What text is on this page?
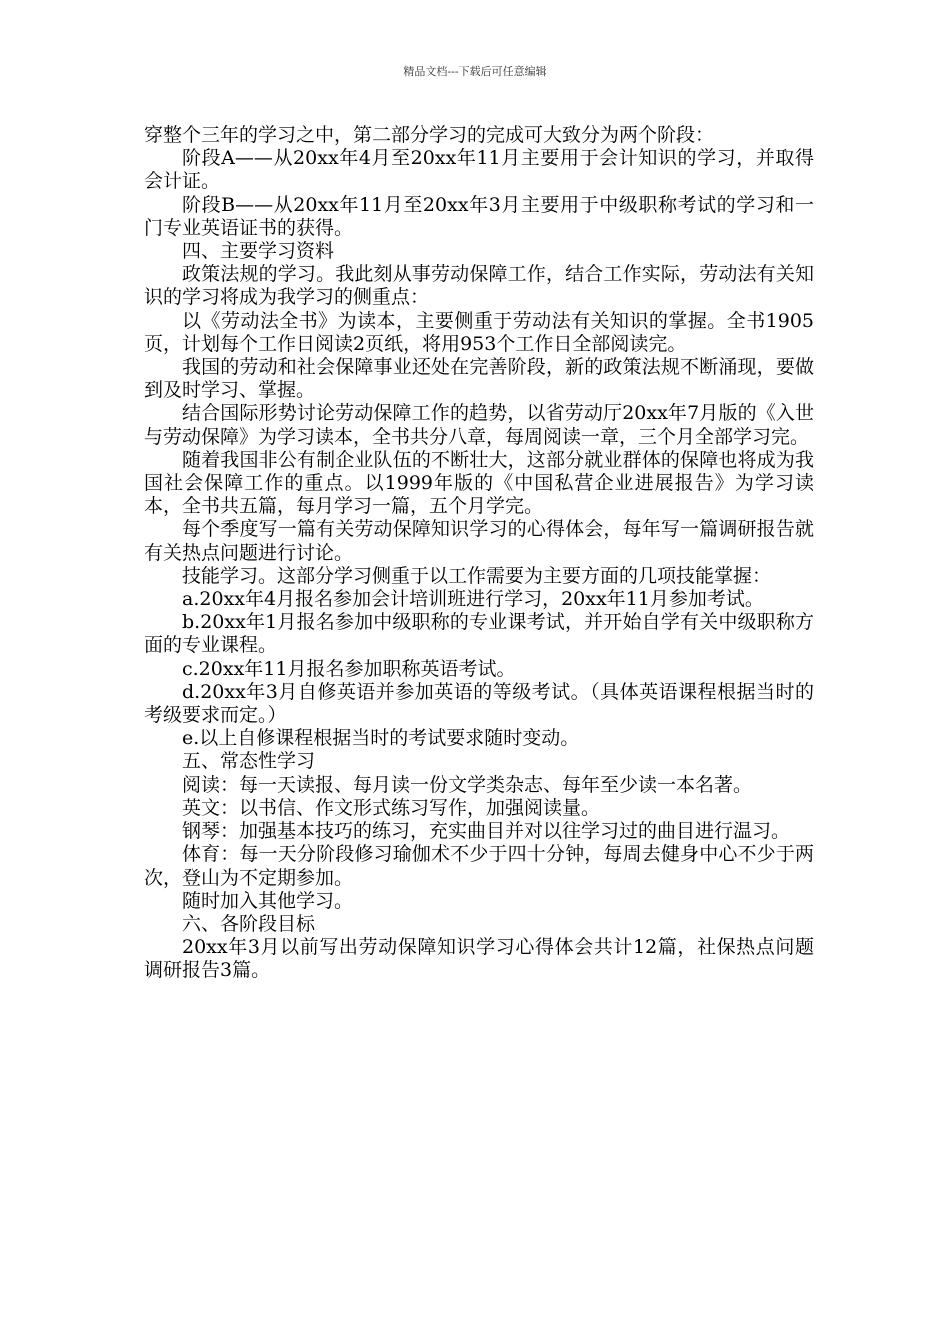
精品文档---下载后可任意编辑

穿整个三年的学习之中，第二部分学习的完成可大致分为两个阶段：

阶段A——从20xx年4月至20xx年11月主要用于会计知识的学习，并取得会计证。

阶段B——从20xx年11月至20xx年3月主要用于中级职称考试的学习和一门专业英语证书的获得。

四、主要学习资料

政策法规的学习。我此刻从事劳动保障工作，结合工作实际，劳动法有关知识的学习将成为我学习的侧重点：

以《劳动法全书》为读本，主要侧重于劳动法有关知识的掌握。全书1905页，计划每个工作日阅读2页纸，将用953个工作日全部阅读完。

我国的劳动和社会保障事业还处在完善阶段，新的政策法规不断涌现，要做到及时学习、掌握。

结合国际形势讨论劳动保障工作的趋势，以省劳动厅20xx年7月版的《入世与劳动保障》为学习读本，全书共分八章，每周阅读一章，三个月全部学习完。

随着我国非公有制企业队伍的不断壮大，这部分就业群体的保障也将成为我国社会保障工作的重点。以1999年版的《中国私营企业进展报告》为学习读本，全书共五篇，每月学习一篇，五个月学完。

每个季度写一篇有关劳动保障知识学习的心得体会，每年写一篇调研报告就有关热点问题进行讨论。

技能学习。这部分学习侧重于以工作需要为主要方面的几项技能掌握：

a.20xx年4月报名参加会计培训班进行学习，20xx年11月参加考试。

b.20xx年1月报名参加中级职称的专业课考试，并开始自学有关中级职称方面的专业课程。

c.20xx年11月报名参加职称英语考试。

d.20xx年3月自修英语并参加英语的等级考试。（具体英语课程根据当时的考级要求而定。）

e.以上自修课程根据当时的考试要求随时变动。

五、常态性学习

阅读：每一天读报、每月读一份文学类杂志、每年至少读一本名著。

英文：以书信、作文形式练习写作，加强阅读量。

钢琴：加强基本技巧的练习，充实曲目并对以往学习过的曲目进行温习。

体育：每一天分阶段修习瑜伽术不少于四十分钟，每周去健身中心不少于两次，登山为不定期参加。

随时加入其他学习。

六、各阶段目标

20xx年3月以前写出劳动保障知识学习心得体会共计12篇，社保热点问题调研报告3篇。
